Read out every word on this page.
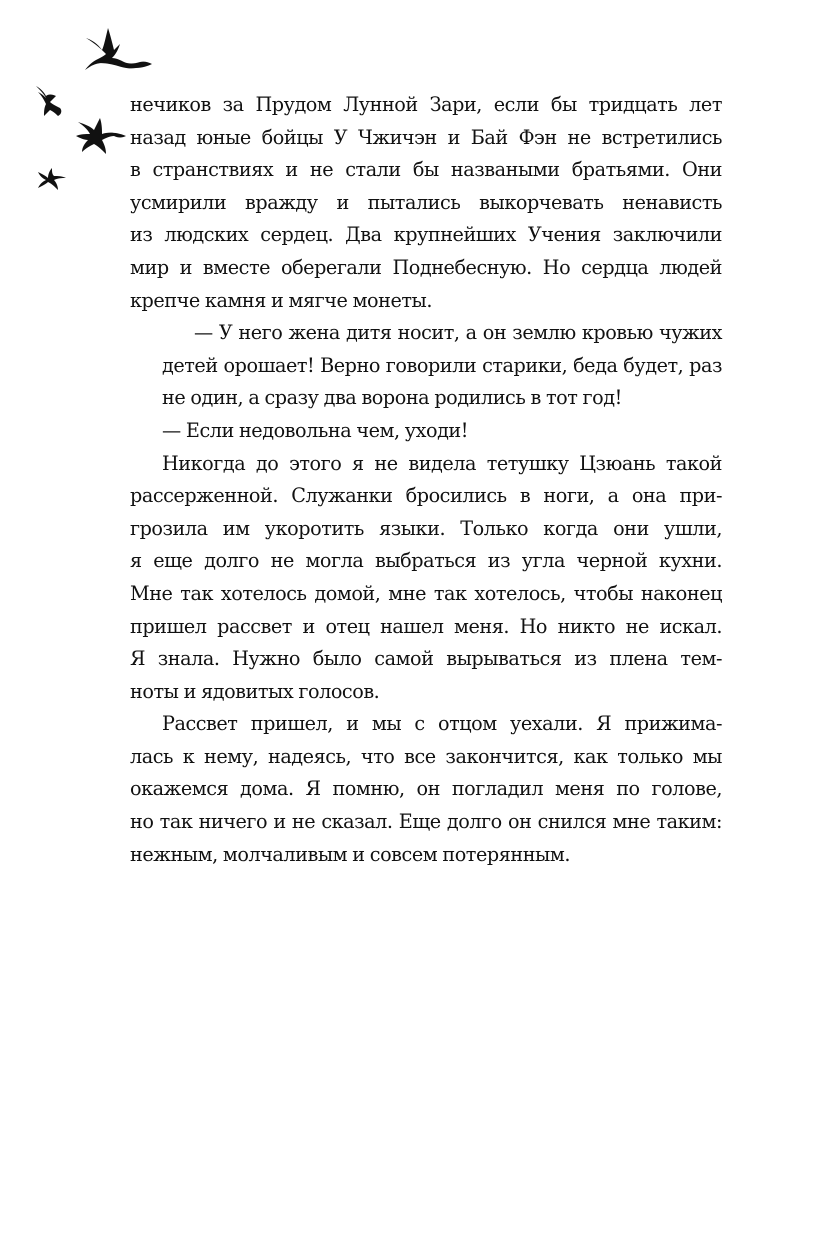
нечиков за Прудом Лунной Зари, если бы тридцать лет
назад юные бойцы У Чжичэн и Бай Фэн не встретились
в странствиях и не стали бы назваными братьями. Они
усмирили вражду и пытались выкорчевать ненависть
из людских сердец. Два крупнейших Учения заключили
мир и вместе оберегали Поднебесную. Но сердца людей
крепче камня и мягче монеты.

— У него жена дитя носит, а он землю кровью чужих
детей орошает! Верно говорили старики, беда будет, раз
не один, а сразу два ворона родились в тот год!

— Если недовольна чем, уходи!

Никогда до этого я не видела тетушку Цзюань такой
рассерженной. Служанки бросились в ноги, а она при-
грозила им укоротить языки. Только когда они ушли,
я еще долго не могла выбраться из угла черной кухни.
Мне так хотелось домой, мне так хотелось, чтобы наконец
пришел рассвет и отец нашел меня. Но никто не искал.
Я знала. Нужно было самой вырываться из плена тем-
ноты и ядовитых голосов.

Рассвет пришел, и мы с отцом уехали. Я прижима-
лась к нему, надеясь, что все закончится, как только мы
окажемся дома. Я помню, он погладил меня по голове,
но так ничего и не сказал. Еще долго он снился мне таким:
нежным, молчаливым и совсем потерянным.
